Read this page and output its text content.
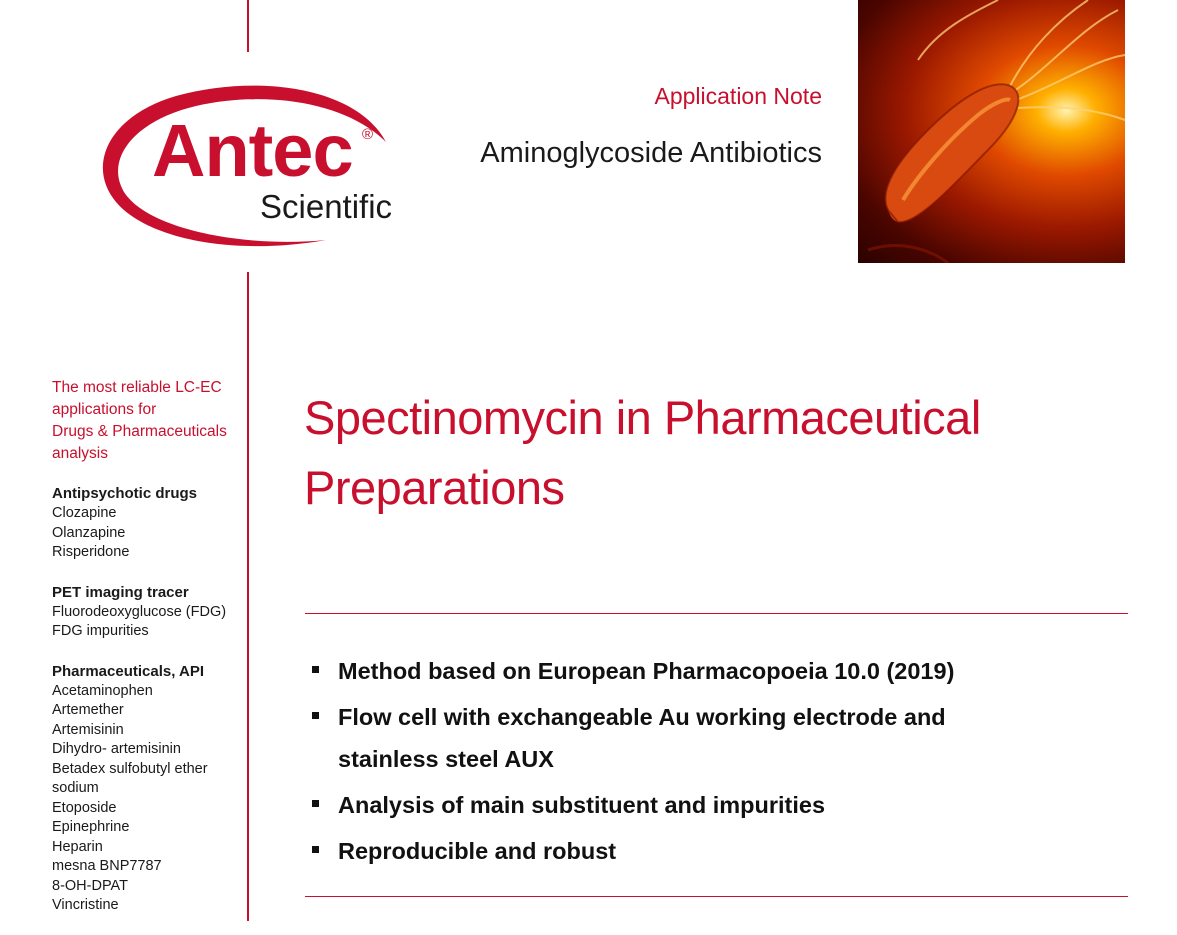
Antec ®
Scientific
Application Note
Aminoglycoside Antibiotics
The most reliable LC-EC
applications for
Drugs & Pharmaceuticals
analysis
Antipsychotic drugs
Clozapine
Olanzapine
Risperidone
PET imaging tracer
Fluorodeoxyglucose (FDG)
FDG impurities
Pharmaceuticals, API
Acetaminophen
Artemether
Artemisinin
Dihydro- artemisinin
Betadex sulfobutyl ether
sodium
Etoposide
Epinephrine
Heparin
mesna BNP7787
8-OH-DPAT
Vincristine
Spectinomycin in Pharmaceutical
Preparations
Method based on European Pharmacopoeia 10.0 (2019)
Flow cell with exchangeable Au working electrode and
stainless steel AUX
Analysis of main substituent and impurities
Reproducible and robust
